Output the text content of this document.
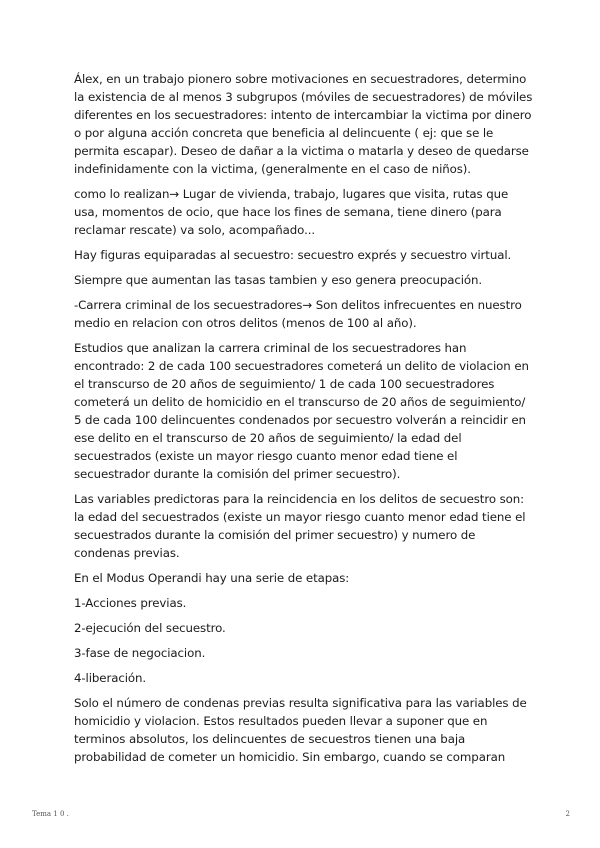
Álex, en un trabajo pionero sobre motivaciones en secuestradores, determino la existencia de al menos 3 subgrupos (móviles de secuestradores) de móviles diferentes en los secuestradores: intento de intercambiar la victima por dinero o por alguna acción concreta que beneficia al delincuente ( ej: que se le permita escapar). Deseo de dañar a la victima o matarla y deseo de quedarse indefinidamente con la victima, (generalmente en el caso de niños).

como lo realizan→ Lugar de vivienda, trabajo, lugares que visita, rutas que usa, momentos de ocio, que hace los fines de semana, tiene dinero (para reclamar rescate) va solo, acompañado...

Hay figuras equiparadas al secuestro: secuestro exprés y secuestro virtual.

Siempre que aumentan las tasas tambien y eso genera preocupación.

-Carrera criminal de los secuestradores→ Son delitos infrecuentes en nuestro medio en relacion con otros delitos (menos de 100 al año).

Estudios que analizan la carrera criminal de los secuestradores han encontrado: 2 de cada 100 secuestradores cometerá un delito de violacion en el transcurso de 20 años de seguimiento/ 1 de cada 100 secuestradores cometerá un delito de homicidio en el transcurso de 20 años de seguimiento/ 5 de cada 100 delincuentes condenados por secuestro volverán a reincidir en ese delito en el transcurso de 20 años de seguimiento/ la edad del secuestrados (existe un mayor riesgo cuanto menor edad tiene el secuestrador durante la comisión del primer secuestro).

Las variables predictoras para la reincidencia en los delitos de secuestro son: la edad del secuestrados (existe un mayor riesgo cuanto menor edad tiene el secuestrados durante la comisión del primer secuestro) y numero de condenas previas.

En el Modus Operandi hay una serie de etapas:

1-Acciones previas.

2-ejecución del secuestro.

3-fase de negociacion.

4-liberación.

Solo el número de condenas previas resulta significativa para las variables de homicidio y violacion. Estos resultados pueden llevar a suponer que en terminos absolutos, los delincuentes de secuestros tienen una baja probabilidad de cometer un homicidio. Sin embargo, cuando se comparan

Tema 1 0 .	2
